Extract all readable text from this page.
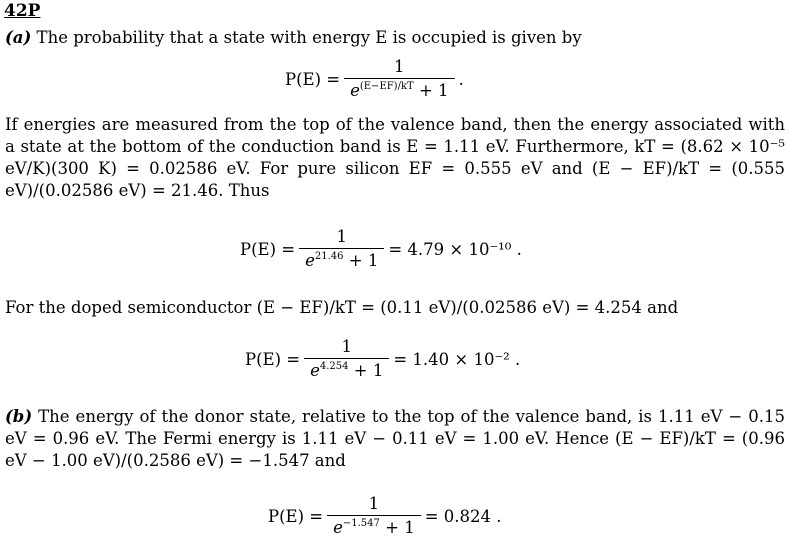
42P
(a) The probability that a state with energy E is occupied is given by
$P(E) = \frac{1}{e^{(E-EF)/kT} + 1}$ .
If energies are measured from the top of the valence band, then the energy associated with a state at the bottom of the conduction band is E = 1.11 eV. Furthermore, kT = (8.62 × 10⁻⁵ eV/K)(300 K) = 0.02586 eV. For pure silicon EF = 0.555 eV and (E − EF)/kT = (0.555 eV)/(0.02586 eV) = 21.46. Thus
$P(E) = \frac{1}{e^{21.46} + 1} = 4.79 \times 10^{-10}$ .
For the doped semiconductor (E − EF)/kT = (0.11 eV)/(0.02586 eV) = 4.254 and
$P(E) = \frac{1}{e^{4.254} + 1} = 1.40 \times 10^{-2}$ .
(b) The energy of the donor state, relative to the top of the valence band, is 1.11 eV − 0.15 eV = 0.96 eV. The Fermi energy is 1.11 eV − 0.11 eV = 1.00 eV. Hence (E − EF)/kT = (0.96 eV − 1.00 eV)/(0.2586 eV) = −1.547 and
$P(E) = \frac{1}{e^{-1.547} + 1} = 0.824$ .
